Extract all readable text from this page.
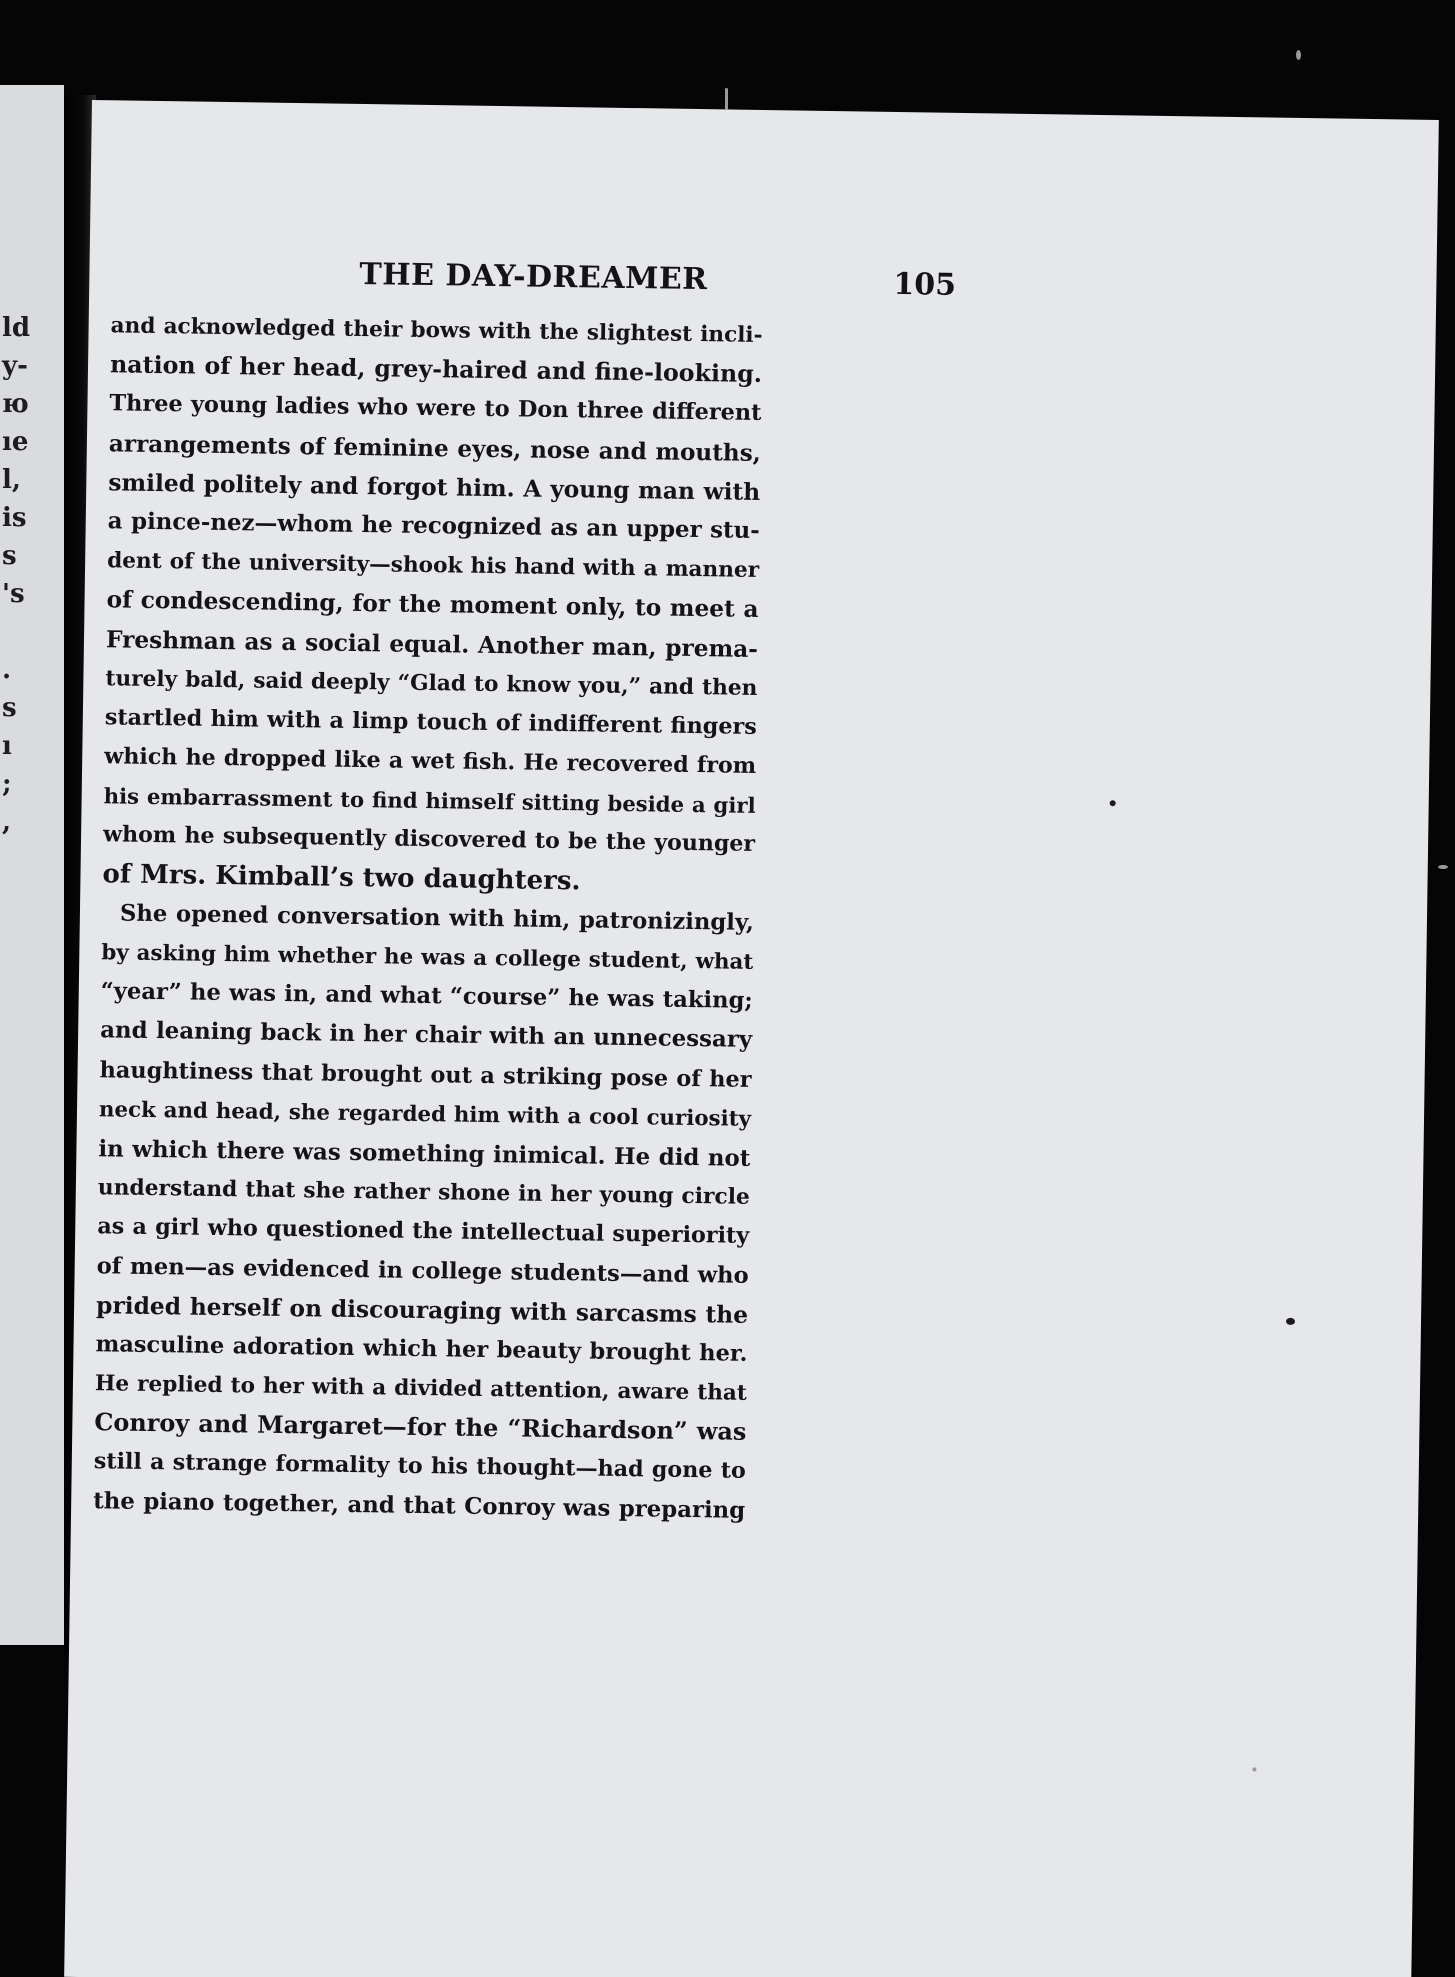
ld
y-
ю
ıe
l,
is
s
's
.
s
ı
;
,
THE DAY-DREAMER	105
and acknowledged their bows with the slightest incli-
nation of her head, grey-haired and fine-looking.
Three young ladies who were to Don three different
arrangements of feminine eyes, nose and mouths,
smiled politely and forgot him. A young man with
a pince-nez—whom he recognized as an upper stu-
dent of the university—shook his hand with a manner
of condescending, for the moment only, to meet a
Freshman as a social equal. Another man, prema-
turely bald, said deeply “Glad to know you,” and then
startled him with a limp touch of indifferent fingers
which he dropped like a wet fish. He recovered from
his embarrassment to find himself sitting beside a girl
whom he subsequently discovered to be the younger
of Mrs. Kimball’s two daughters.
She opened conversation with him, patronizingly,
by asking him whether he was a college student, what
“year” he was in, and what “course” he was taking;
and leaning back in her chair with an unnecessary
haughtiness that brought out a striking pose of her
neck and head, she regarded him with a cool curiosity
in which there was something inimical. He did not
understand that she rather shone in her young circle
as a girl who questioned the intellectual superiority
of men—as evidenced in college students—and who
prided herself on discouraging with sarcasms the
masculine adoration which her beauty brought her.
He replied to her with a divided attention, aware that
Conroy and Margaret—for the “Richardson” was
still a strange formality to his thought—had gone to
the piano together, and that Conroy was preparing
